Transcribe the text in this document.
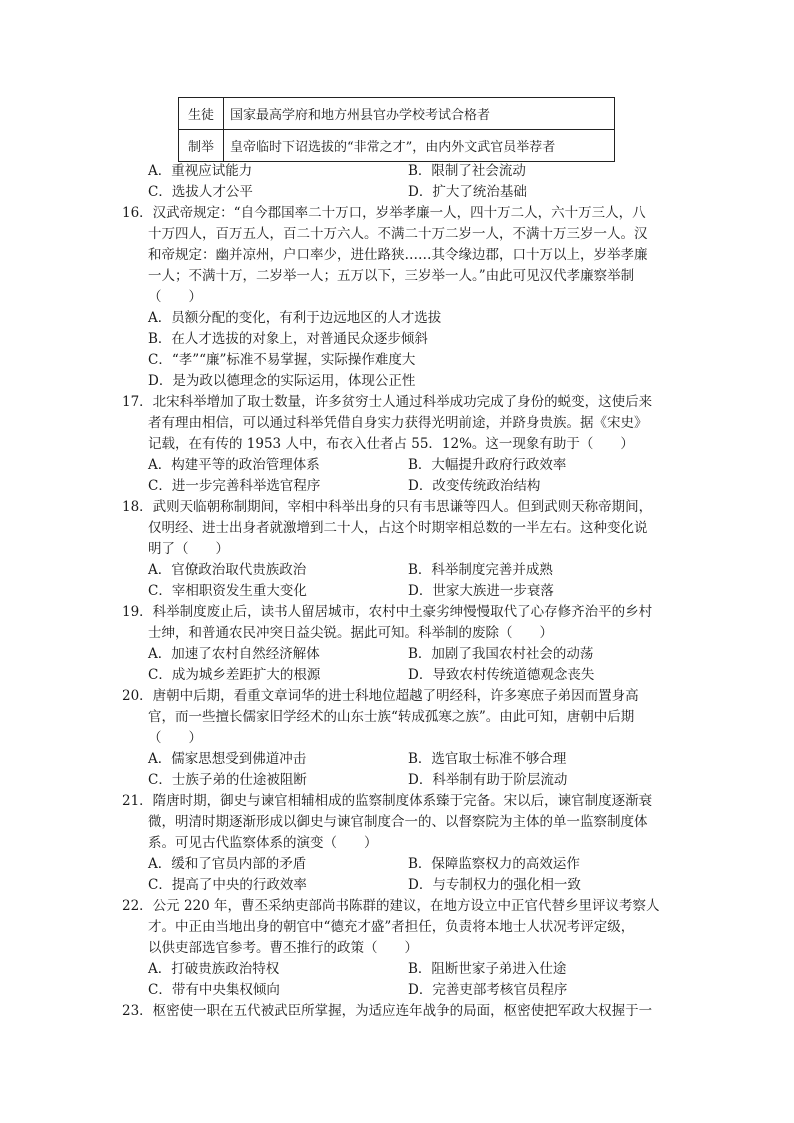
生徒	国家最高学府和地方州县官办学校考试合格者
制举	皇帝临时下诏选拔的“非常之才”，由内外文武官员举荐者
A．重视应试能力	B．限制了社会流动
C．选拔人才公平	D．扩大了统治基础
16．汉武帝规定：“自今郡国率二十万口，岁举孝廉一人，四十万二人，六十万三人，八
十万四人，百万五人，百二十万六人。不满二十万二岁一人，不满十万三岁一人。汉
和帝规定：幽并凉州，户口率少，进仕路狭……其令缘边郡，口十万以上，岁举孝廉
一人；不满十万，二岁举一人；五万以下，三岁举一人。”由此可见汉代孝廉察举制
（　　）
A．员额分配的变化，有利于边远地区的人才选拔
B．在人才选拔的对象上，对普通民众逐步倾斜
C．“孝”“廉”标准不易掌握，实际操作难度大
D．是为政以德理念的实际运用，体现公正性
17．北宋科举增加了取士数量，许多贫穷士人通过科举成功完成了身份的蜕变，这使后来
者有理由相信，可以通过科举凭借自身实力获得光明前途，并跻身贵族。据《宋史》
记载，在有传的 1953 人中，布衣入仕者占 55．12%。这一现象有助于（　　）
A．构建平等的政治管理体系	B．大幅提升政府行政效率
C．进一步完善科举选官程序	D．改变传统政治结构
18．武则天临朝称制期间，宰相中科举出身的只有韦思谦等四人。但到武则天称帝期间，
仅明经、进士出身者就激增到二十人，占这个时期宰相总数的一半左右。这种变化说
明了（　　）
A．官僚政治取代贵族政治	B．科举制度完善并成熟
C．宰相职资发生重大变化	D．世家大族进一步衰落
19．科举制度废止后，读书人留居城市，农村中土豪劣绅慢慢取代了心存修齐治平的乡村
士绅，和普通农民冲突日益尖锐。据此可知。科举制的废除（　　）
A．加速了农村自然经济解体	B．加剧了我国农村社会的动荡
C．成为城乡差距扩大的根源	D．导致农村传统道德观念丧失
20．唐朝中后期，看重文章词华的进士科地位超越了明经科，许多寒庶子弟因而置身高
官，而一些擅长儒家旧学经术的山东士族“转成孤寒之族”。由此可知，唐朝中后期
（　　）
A．儒家思想受到佛道冲击	B．选官取士标准不够合理
C．士族子弟的仕途被阻断	D．科举制有助于阶层流动
21．隋唐时期，御史与谏官相辅相成的监察制度体系臻于完备。宋以后，谏官制度逐渐衰
微，明清时期逐渐形成以御史与谏官制度合一的、以督察院为主体的单一监察制度体
系。可见古代监察体系的演变（　　）
A．缓和了官员内部的矛盾	B．保障监察权力的高效运作
C．提高了中央的行政效率	D．与专制权力的强化相一致
22．公元 220 年，曹丕采纳吏部尚书陈群的建议，在地方设立中正官代替乡里评议考察人
才。中正由当地出身的朝官中“德充才盛”者担任，负责将本地士人状况考评定级，
以供吏部选官参考。曹丕推行的政策（　　）
A．打破贵族政治特权	B．阻断世家子弟进入仕途
C．带有中央集权倾向	D．完善吏部考核官员程序
23．枢密使一职在五代被武臣所掌握，为适应连年战争的局面，枢密使把军政大权握于一
